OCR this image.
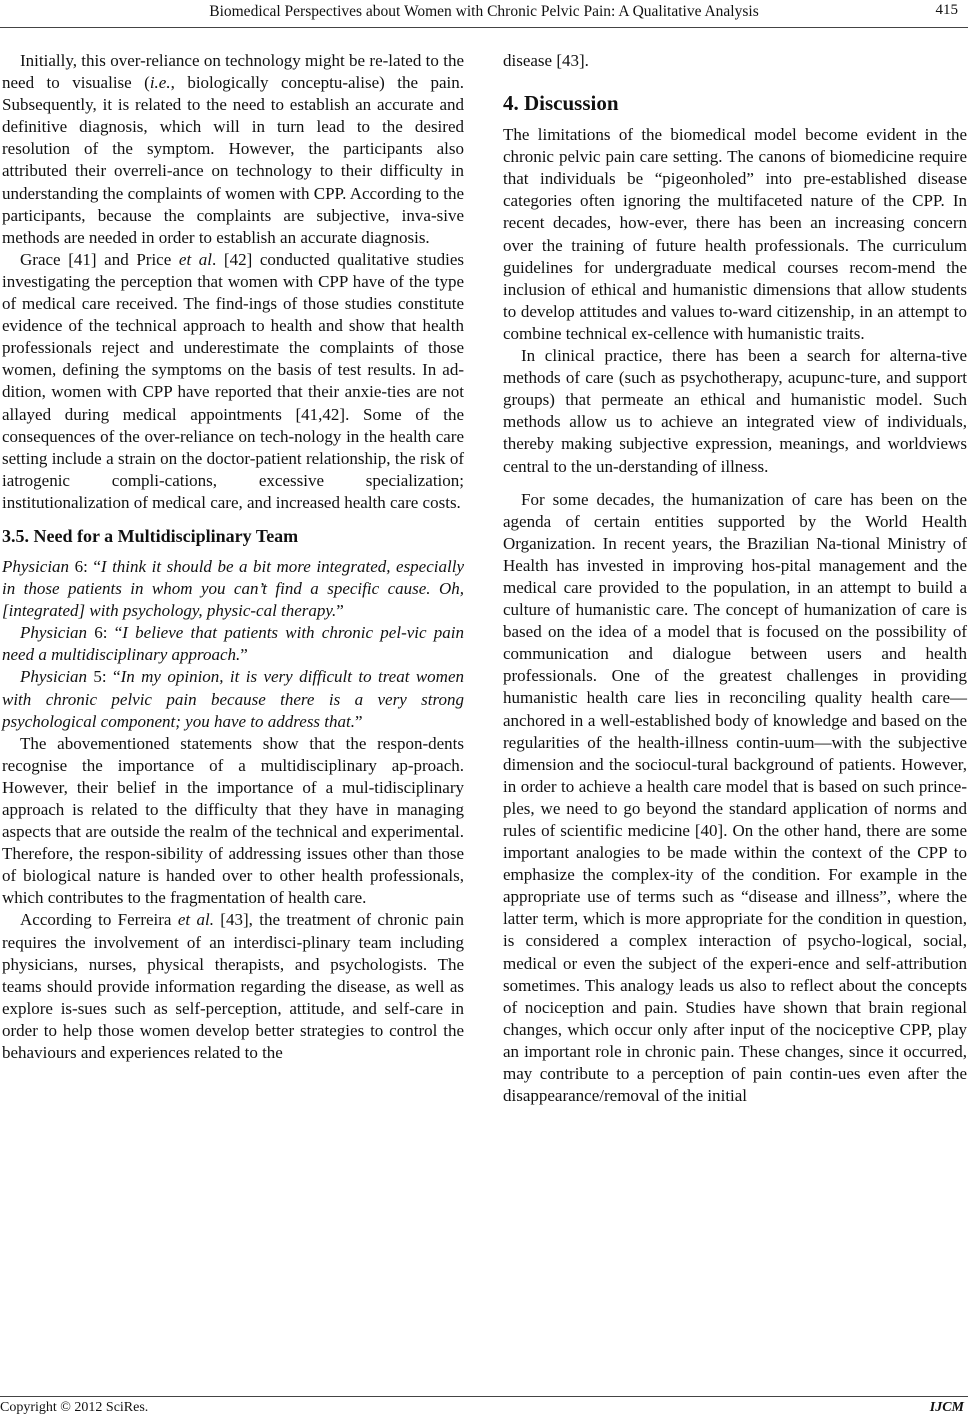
Biomedical Perspectives about Women with Chronic Pelvic Pain: A Qualitative Analysis	415

Initially, this over-reliance on technology might be re-lated to the need to visualise (i.e., biologically conceptu-alise) the pain. Subsequently, it is related to the need to establish an accurate and definitive diagnosis, which will in turn lead to the desired resolution of the symptom. However, the participants also attributed their overreli-ance on technology to their difficulty in understanding the complaints of women with CPP. According to the participants, because the complaints are subjective, inva-sive methods are needed in order to establish an accurate diagnosis.

Grace [41] and Price et al. [42] conducted qualitative studies investigating the perception that women with CPP have of the type of medical care received. The find-ings of those studies constitute evidence of the technical approach to health and show that health professionals reject and underestimate the complaints of those women, defining the symptoms on the basis of test results. In ad-dition, women with CPP have reported that their anxie-ties are not allayed during medical appointments [41,42]. Some of the consequences of the over-reliance on tech-nology in the health care setting include a strain on the doctor-patient relationship, the risk of iatrogenic compli-cations, excessive specialization; institutionalization of medical care, and increased health care costs.

3.5. Need for a Multidisciplinary Team

Physician 6: “I think it should be a bit more integrated, especially in those patients in whom you can’t find a specific cause. Oh, [integrated] with psychology, physic-cal therapy.”

Physician 6: “I believe that patients with chronic pel-vic pain need a multidisciplinary approach.”

Physician 5: “In my opinion, it is very difficult to treat women with chronic pelvic pain because there is a very strong psychological component; you have to address that.”

The abovementioned statements show that the respon-dents recognise the importance of a multidisciplinary ap-proach. However, their belief in the importance of a mul-tidisciplinary approach is related to the difficulty that they have in managing aspects that are outside the realm of the technical and experimental. Therefore, the respon-sibility of addressing issues other than those of biological nature is handed over to other health professionals, which contributes to the fragmentation of health care.

According to Ferreira et al. [43], the treatment of chronic pain requires the involvement of an interdisci-plinary team including physicians, nurses, physical therapists, and psychologists. The teams should provide information regarding the disease, as well as explore is-sues such as self-perception, attitude, and self-care in order to help those women develop better strategies to control the behaviours and experiences related to the

disease [43].

4. Discussion

The limitations of the biomedical model become evident in the chronic pelvic pain care setting. The canons of biomedicine require that individuals be “pigeonholed” into pre-established disease categories often ignoring the multifaceted nature of the CPP. In recent decades, how-ever, there has been an increasing concern over the training of future health professionals. The curriculum guidelines for undergraduate medical courses recom-mend the inclusion of ethical and humanistic dimensions that allow students to develop attitudes and values to-ward citizenship, in an attempt to combine technical ex-cellence with humanistic traits.

In clinical practice, there has been a search for alterna-tive methods of care (such as psychotherapy, acupunc-ture, and support groups) that permeate an ethical and humanistic model. Such methods allow us to achieve an integrated view of individuals, thereby making subjective expression, meanings, and worldviews central to the un-derstanding of illness.

For some decades, the humanization of care has been on the agenda of certain entities supported by the World Health Organization. In recent years, the Brazilian Na-tional Ministry of Health has invested in improving hos-pital management and the medical care provided to the population, in an attempt to build a culture of humanistic care. The concept of humanization of care is based on the idea of a model that is focused on the possibility of communication and dialogue between users and health professionals. One of the greatest challenges in providing humanistic health care lies in reconciling quality health care—anchored in a well-established body of knowledge and based on the regularities of the health-illness contin-uum—with the subjective dimension and the sociocul-tural background of patients. However, in order to achieve a health care model that is based on such prince-ples, we need to go beyond the standard application of norms and rules of scientific medicine [40]. On the other hand, there are some important analogies to be made within the context of the CPP to emphasize the complex-ity of the condition. For example in the appropriate use of terms such as “disease and illness”, where the latter term, which is more appropriate for the condition in question, is considered a complex interaction of psycho-logical, social, medical or even the subject of the experi-ence and self-attribution sometimes. This analogy leads us also to reflect about the concepts of nociception and pain. Studies have shown that brain regional changes, which occur only after input of the nociceptive CPP, play an important role in chronic pain. These changes, since it occurred, may contribute to a perception of pain contin-ues even after the disappearance/removal of the initial

Copyright © 2012 SciRes.	IJCM
